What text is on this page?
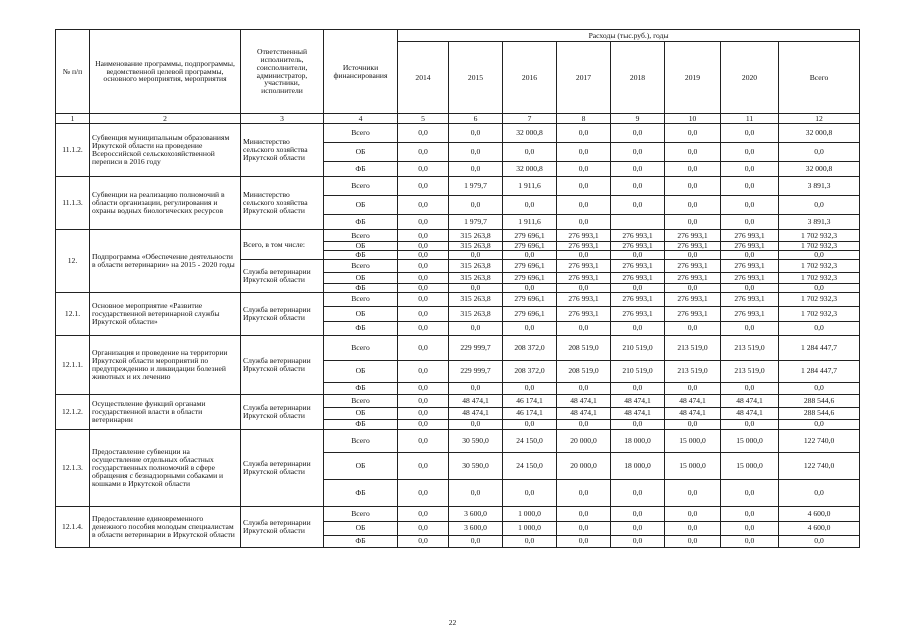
№ п/п	Наименование программы, подпрограммы, ведомственной целевой программы, основного мероприятия, мероприятия	Ответственный исполнитель, соисполнители, администратор, участники, исполнители	Источники финансирования	Расходы (тыс.руб.), годы							
				2014	2015	2016	2017	2018	2019	2020	Всего
1	2	3	4	5	6	7	8	9	10	11	12
11.1.2.	Субвенция муниципальным образованиям Иркутской области на проведение Всероссийской сельскохозяйственной переписи в 2016 году	Министерство сельского хозяйства Иркутской области	Всего	0,0	0,0	32 000,8	0,0	0,0	0,0	0,0	32 000,8
			ОБ	0,0	0,0	0,0	0,0	0,0	0,0	0,0	0,0
			ФБ	0,0	0,0	32 000,8	0,0	0,0	0,0	0,0	32 000,8
11.1.3.	Субвенции на реализацию полномочий в области организации, регулирования и охраны водных биологических ресурсов	Министерство сельского хозяйства Иркутской области	Всего	0,0	1 979,7	1 911,6	0,0	0,0	0,0	0,0	3 891,3
			ОБ	0,0	0,0	0,0	0,0	0,0	0,0	0,0	0,0
			ФБ	0,0	1 979,7	1 911,6	0,0		0,0	0,0	3 891,3
12.	Подпрограмма «Обеспечение деятельности в области ветеринарии» на 2015 - 2020 годы	Всего, в том числе:	Всего	0,0	315 263,8	279 696,1	276 993,1	276 993,1	276 993,1	276 993,1	1 702 932,3
			ОБ	0,0	315 263,8	279 696,1	276 993,1	276 993,1	276 993,1	276 993,1	1 702 932,3
			ФБ	0,0	0,0	0,0	0,0	0,0	0,0	0,0	0,0
		Служба ветеринарии Иркутской области	Всего	0,0	315 263,8	279 696,1	276 993,1	276 993,1	276 993,1	276 993,1	1 702 932,3
			ОБ	0,0	315 263,8	279 696,1	276 993,1	276 993,1	276 993,1	276 993,1	1 702 932,3
			ФБ	0,0	0,0	0,0	0,0	0,0	0,0	0,0	0,0
12.1.	Основное мероприятие «Развитие государственной ветеринарной службы Иркутской области»	Служба ветеринарии Иркутской области	Всего	0,0	315 263,8	279 696,1	276 993,1	276 993,1	276 993,1	276 993,1	1 702 932,3
			ОБ	0,0	315 263,8	279 696,1	276 993,1	276 993,1	276 993,1	276 993,1	1 702 932,3
			ФБ	0,0	0,0	0,0	0,0	0,0	0,0	0,0	0,0
12.1.1.	Организация и проведение на территории Иркутской области мероприятий по предупреждению и ликвидации болезней животных и их лечению	Служба ветеринарии Иркутской области	Всего	0,0	229 999,7	208 372,0	208 519,0	210 519,0	213 519,0	213 519,0	1 284 447,7
			ОБ	0,0	229 999,7	208 372,0	208 519,0	210 519,0	213 519,0	213 519,0	1 284 447,7
			ФБ	0,0	0,0	0,0	0,0	0,0	0,0	0,0	0,0
12.1.2.	Осуществление функций органами государственной власти в области ветеринарии	Служба ветеринарии Иркутской области	Всего	0,0	48 474,1	46 174,1	48 474,1	48 474,1	48 474,1	48 474,1	288 544,6
			ОБ	0,0	48 474,1	46 174,1	48 474,1	48 474,1	48 474,1	48 474,1	288 544,6
			ФБ	0,0	0,0	0,0	0,0	0,0	0,0	0,0	0,0
12.1.3.	Предоставление субвенции на осуществление отдельных областных государственных полномочий в сфере обращения с безнадзорными собаками и кошками в Иркутской области	Служба ветеринарии Иркутской области	Всего	0,0	30 590,0	24 150,0	20 000,0	18 000,0	15 000,0	15 000,0	122 740,0
			ОБ	0,0	30 590,0	24 150,0	20 000,0	18 000,0	15 000,0	15 000,0	122 740,0
			ФБ	0,0	0,0	0,0	0,0	0,0	0,0	0,0	0,0
12.1.4.	Предоставление единовременного денежного пособия молодым специалистам в области ветеринарии в Иркутской области	Служба ветеринарии Иркутской области	Всего	0,0	3 600,0	1 000,0	0,0	0,0	0,0	0,0	4 600,0
			ОБ	0,0	3 600,0	1 000,0	0,0	0,0	0,0	0,0	4 600,0
			ФБ	0,0	0,0	0,0	0,0	0,0	0,0	0,0	0,0
22
